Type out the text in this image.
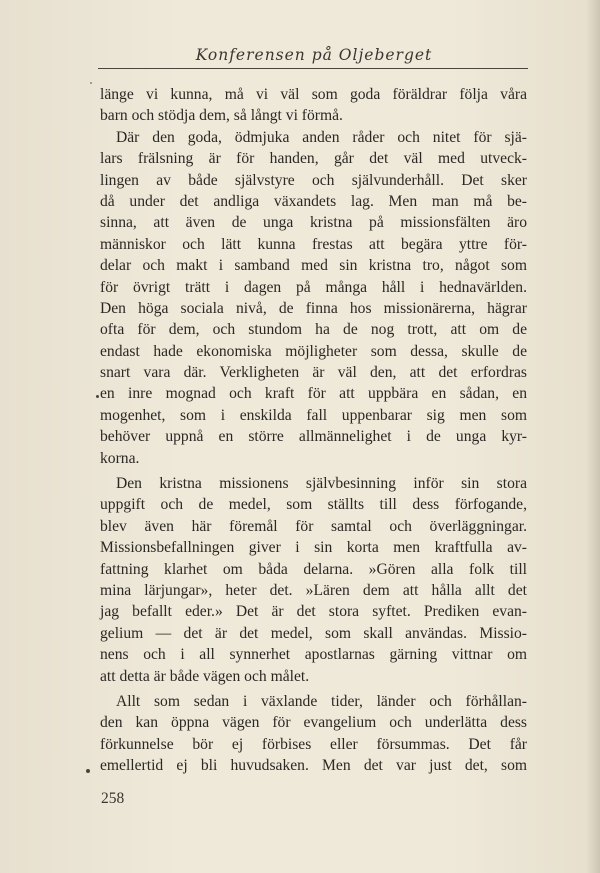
Konferensen på Oljeberget
länge vi kunna, må vi väl som goda föräldrar följa våra
barn och stödja dem, så långt vi förmå.
Där den goda, ödmjuka anden råder och nitet för sjä-
lars frälsning är för handen, går det väl med utveck-
lingen av både självstyre och självunderhåll. Det sker
då under det andliga växandets lag. Men man må be-
sinna, att även de unga kristna på missionsfälten äro
människor och lätt kunna frestas att begära yttre för-
delar och makt i samband med sin kristna tro, något som
för övrigt trätt i dagen på många håll i hednavärlden.
Den höga sociala nivå, de finna hos missionärerna, hägrar
ofta för dem, och stundom ha de nog trott, att om de
endast hade ekonomiska möjligheter som dessa, skulle de
snart vara där. Verkligheten är väl den, att det erfordras
en inre mognad och kraft för att uppbära en sådan, en
mogenhet, som i enskilda fall uppenbarar sig men som
behöver uppnå en större allmännelighet i de unga kyr-
korna.
Den kristna missionens självbesinning inför sin stora
uppgift och de medel, som ställts till dess förfogande,
blev även här föremål för samtal och överläggningar.
Missionsbefallningen giver i sin korta men kraftfulla av-
fattning klarhet om båda delarna. »Gören alla folk till
mina lärjungar», heter det. »Lären dem att hålla allt det
jag befallt eder.» Det är det stora syftet. Prediken evan-
gelium — det är det medel, som skall användas. Missio-
nens och i all synnerhet apostlarnas gärning vittnar om
att detta är både vägen och målet.
Allt som sedan i växlande tider, länder och förhållan-
den kan öppna vägen för evangelium och underlätta dess
förkunnelse bör ej förbises eller försummas. Det får
emellertid ej bli huvudsaken. Men det var just det, som
258
